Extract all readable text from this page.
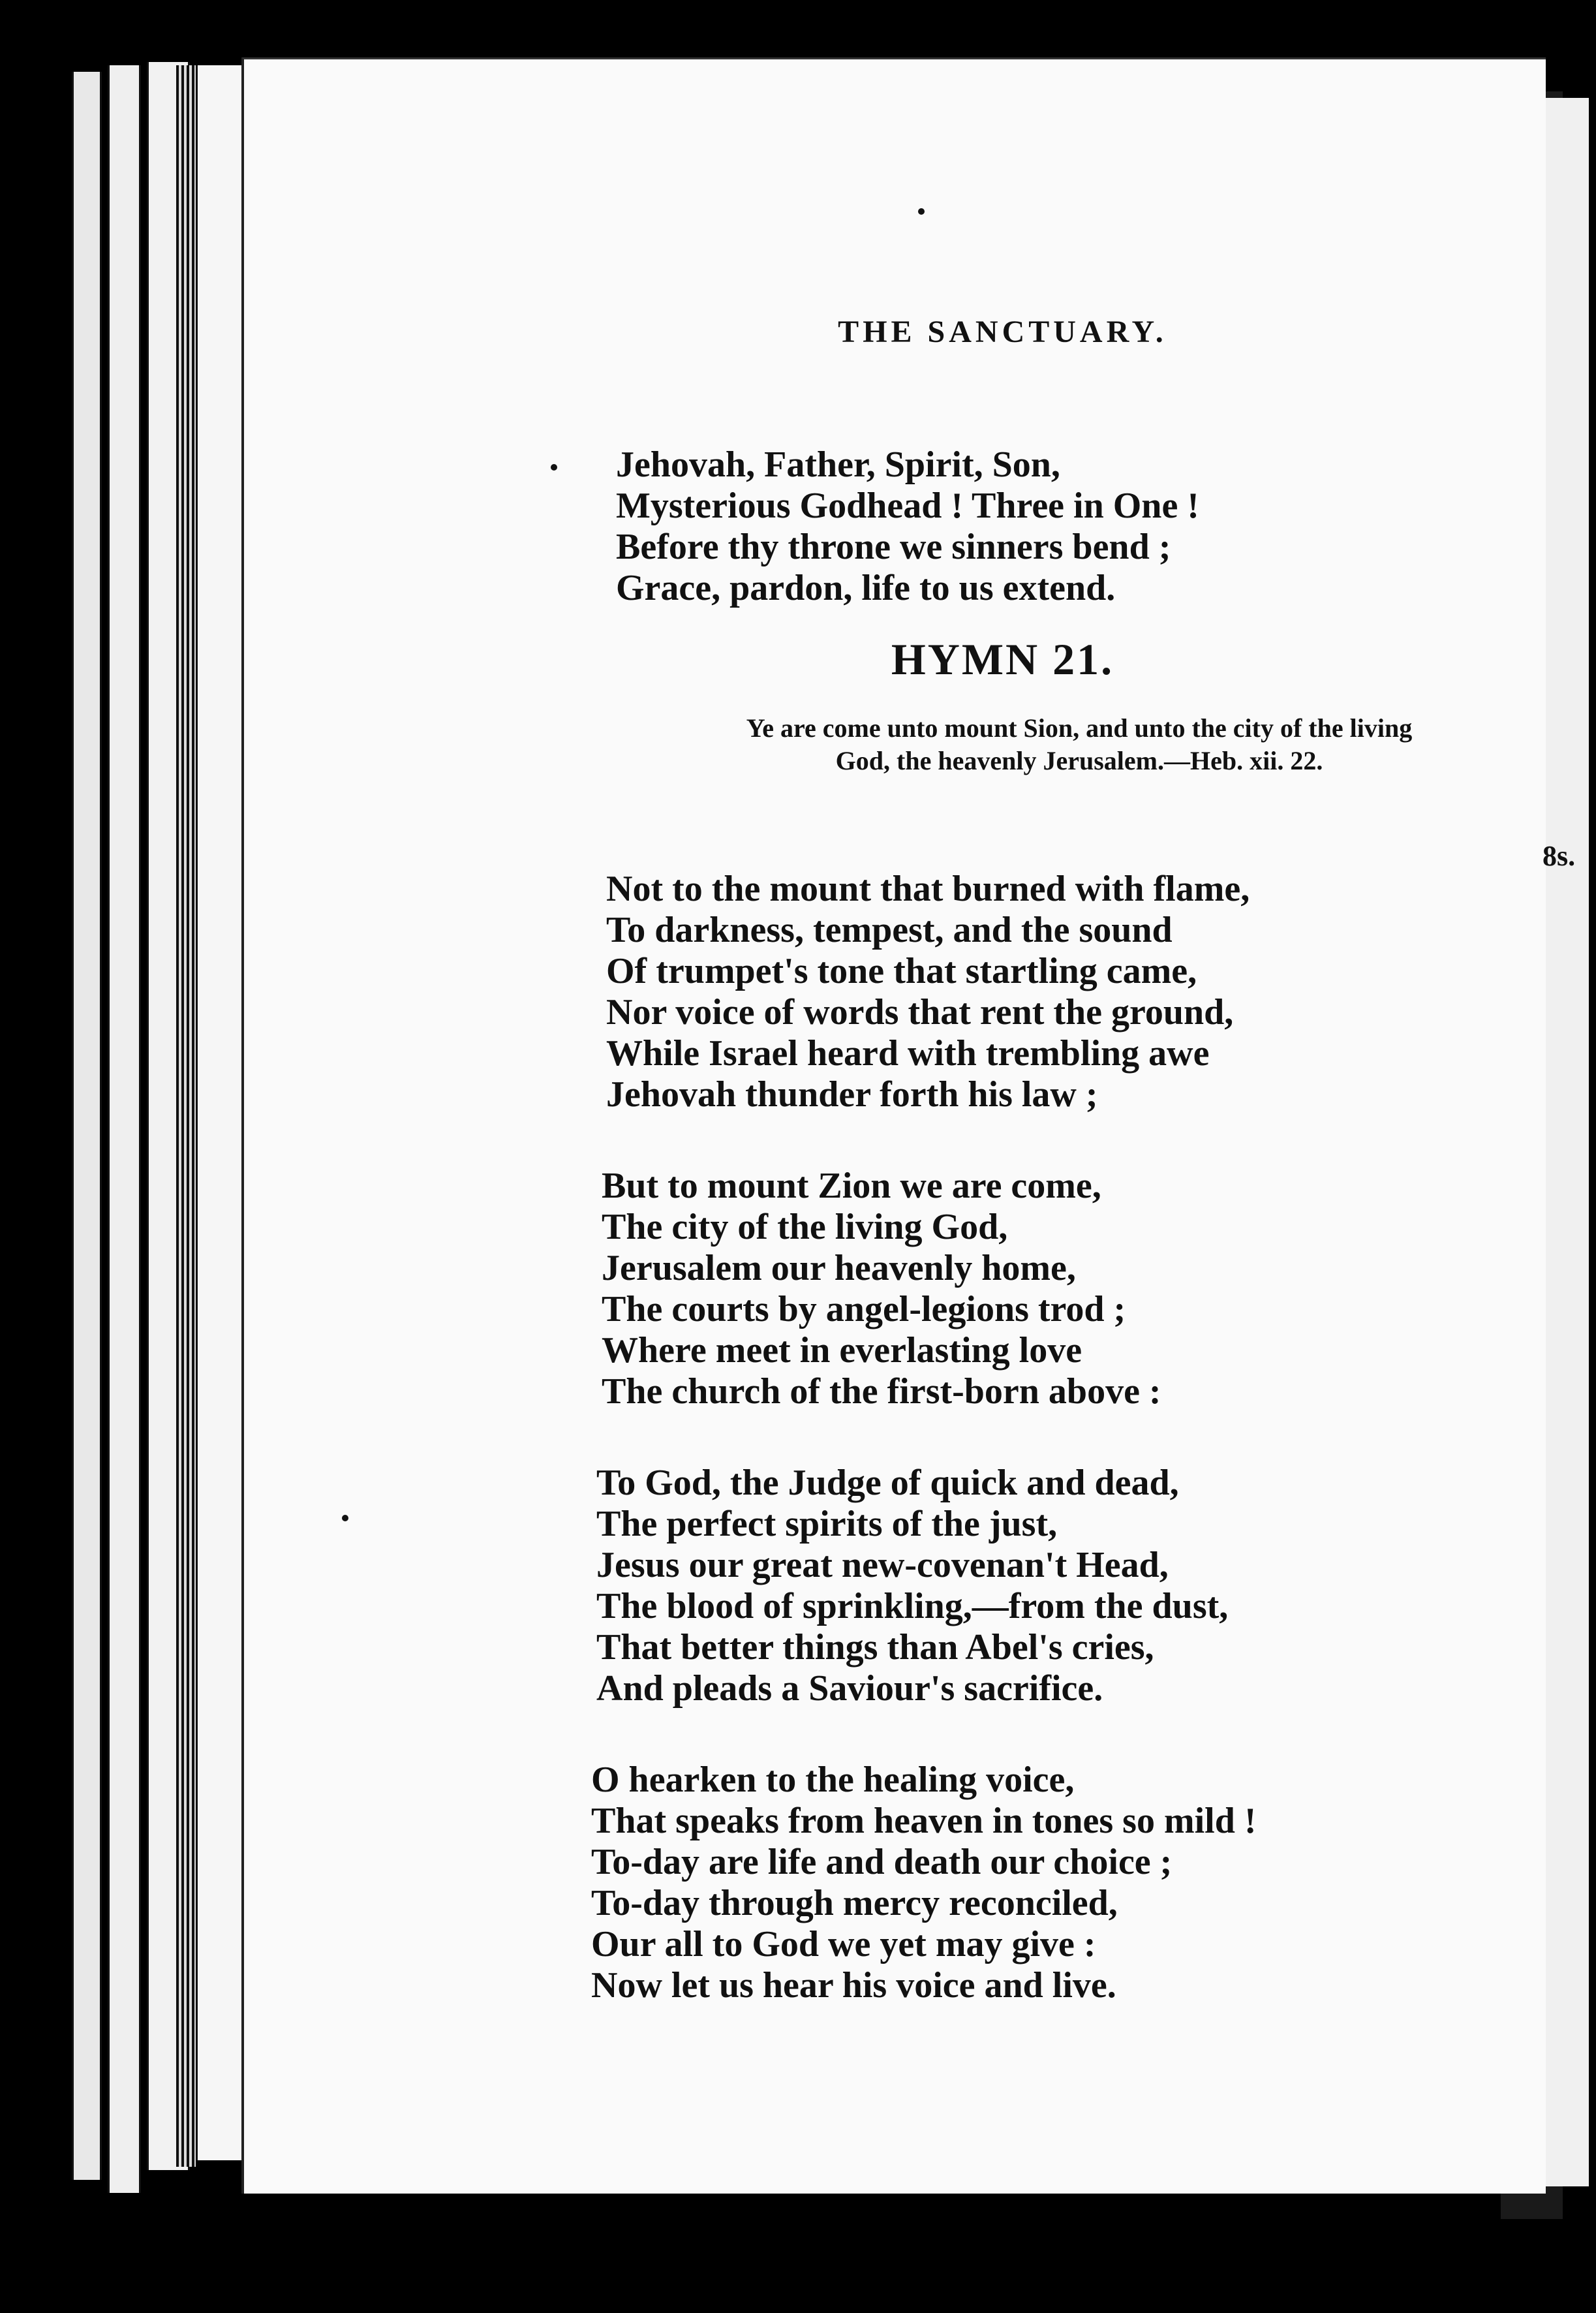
THE SANCTUARY.
Jehovah, Father, Spirit, Son,
Mysterious Godhead ! Three in One !
Before thy throne we sinners bend ;
Grace, pardon, life to us extend.
HYMN 21.
Ye are come unto mount Sion, and unto the city of the living
God, the heavenly Jerusalem.—Heb. xii. 22.
8s.
Not to the mount that burned with flame,
To darkness, tempest, and the sound
Of trumpet's tone that startling came,
Nor voice of words that rent the ground,
While Israel heard with trembling awe
Jehovah thunder forth his law ;
But to mount Zion we are come,
The city of the living God,
Jerusalem our heavenly home,
The courts by angel-legions trod ;
Where meet in everlasting love
The church of the first-born above :
To God, the Judge of quick and dead,
The perfect spirits of the just,
Jesus our great new-covenan't Head,
The blood of sprinkling,—from the dust,
That better things than Abel's cries,
And pleads a Saviour's sacrifice.
O hearken to the healing voice,
That speaks from heaven in tones so mild !
To-day are life and death our choice ;
To-day through mercy reconciled,
Our all to God we yet may give :
Now let us hear his voice and live.
